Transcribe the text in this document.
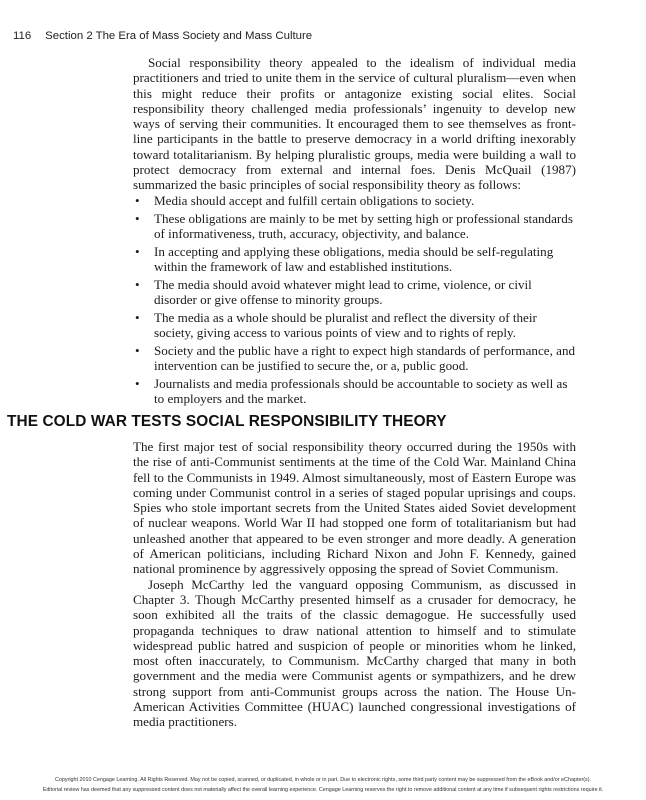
116 Section 2 The Era of Mass Society and Mass Culture

Social responsibility theory appealed to the idealism of individual media practitioners and tried to unite them in the service of cultural pluralism—even when this might reduce their profits or antagonize existing social elites. Social responsibility theory challenged media professionals’ ingenuity to develop new ways of serving their communities. It encouraged them to see themselves as front-line participants in the battle to preserve democracy in a world drifting inexorably toward totalitarianism. By helping pluralistic groups, media were building a wall to protect democracy from external and internal foes. Denis McQuail (1987) summarized the basic principles of social responsibility theory as follows:

• Media should accept and fulfill certain obligations to society.
• These obligations are mainly to be met by setting high or professional standards of informativeness, truth, accuracy, objectivity, and balance.
• In accepting and applying these obligations, media should be self-regulating within the framework of law and established institutions.
• The media should avoid whatever might lead to crime, violence, or civil disorder or give offense to minority groups.
• The media as a whole should be pluralist and reflect the diversity of their society, giving access to various points of view and to rights of reply.
• Society and the public have a right to expect high standards of performance, and intervention can be justified to secure the, or a, public good.
• Journalists and media professionals should be accountable to society as well as to employers and the market.
THE COLD WAR TESTS SOCIAL RESPONSIBILITY THEORY

The first major test of social responsibility theory occurred during the 1950s with the rise of anti-Communist sentiments at the time of the Cold War. Mainland China fell to the Communists in 1949. Almost simultaneously, most of Eastern Europe was coming under Communist control in a series of staged popular uprisings and coups. Spies who stole important secrets from the United States aided Soviet development of nuclear weapons. World War II had stopped one form of totalitarianism but had unleashed another that appeared to be even stronger and more deadly. A generation of American politicians, including Richard Nixon and John F. Kennedy, gained national prominence by aggressively opposing the spread of Soviet Communism.

Joseph McCarthy led the vanguard opposing Communism, as discussed in Chapter 3. Though McCarthy presented himself as a crusader for democracy, he soon exhibited all the traits of the classic demagogue. He successfully used propaganda techniques to draw national attention to himself and to stimulate widespread public hatred and suspicion of people or minorities whom he linked, most often inaccurately, to Communism. McCarthy charged that many in both government and the media were Communist agents or sympathizers, and he drew strong support from anti-Communist groups across the nation. The House Un-American Activities Committee (HUAC) launched congressional investigations of media practitioners.

Copyright 2010 Cengage Learning. All Rights Reserved. May not be copied, scanned, or duplicated, in whole or in part. Due to electronic rights, some third party content may be suppressed from the eBook and/or eChapter(s).
Editorial review has deemed that any suppressed content does not materially affect the overall learning experience. Cengage Learning reserves the right to remove additional content at any time if subsequent rights restrictions require it.
